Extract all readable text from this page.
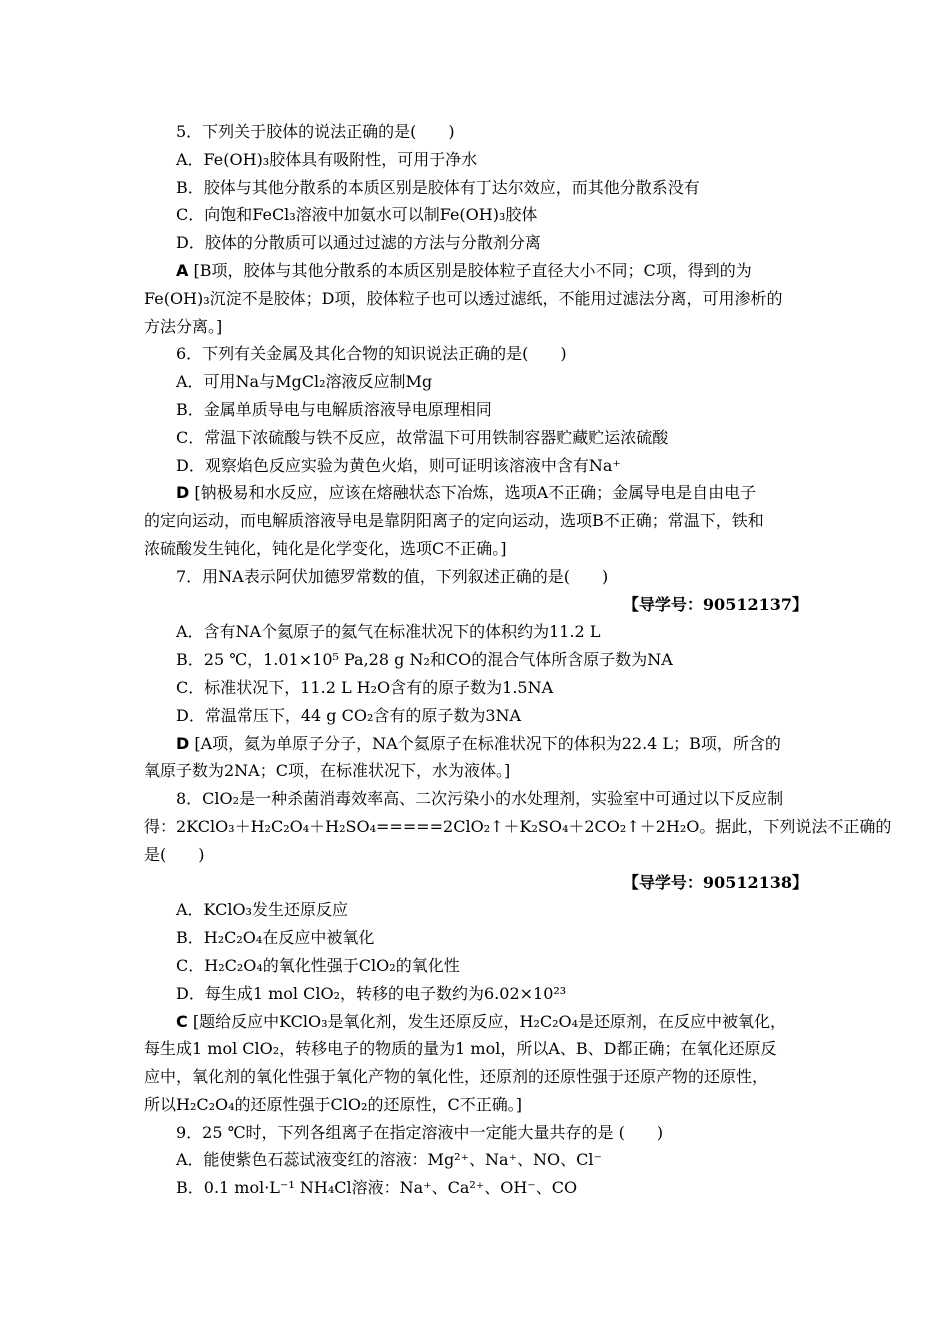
5．下列关于胶体的说法正确的是(　　)
A．Fe(OH)₃胶体具有吸附性，可用于净水
B．胶体与其他分散系的本质区别是胶体有丁达尔效应，而其他分散系没有
C．向饱和FeCl₃溶液中加氨水可以制Fe(OH)₃胶体
D．胶体的分散质可以通过过滤的方法与分散剂分离
A [B项，胶体与其他分散系的本质区别是胶体粒子直径大小不同；C项，得到的为
Fe(OH)₃沉淀不是胶体；D项，胶体粒子也可以透过滤纸，不能用过滤法分离，可用渗析的
方法分离。]
6．下列有关金属及其化合物的知识说法正确的是(　　)
A．可用Na与MgCl₂溶液反应制Mg
B．金属单质导电与电解质溶液导电原理相同
C．常温下浓硫酸与铁不反应，故常温下可用铁制容器贮藏贮运浓硫酸
D．观察焰色反应实验为黄色火焰，则可证明该溶液中含有Na⁺
D [钠极易和水反应，应该在熔融状态下冶炼，选项A不正确；金属导电是自由电子
的定向运动，而电解质溶液导电是靠阴阳离子的定向运动，选项B不正确；常温下，铁和
浓硫酸发生钝化，钝化是化学变化，选项C不正确。]
7．用NA表示阿伏加德罗常数的值，下列叙述正确的是(　　)
【导学号：90512137】
A．含有NA个氦原子的氦气在标准状况下的体积约为11.2 L
B．25 ℃，1.01×10⁵ Pa,28 g N₂和CO的混合气体所含原子数为NA
C．标准状况下，11.2 L H₂O含有的原子数为1.5NA
D．常温常压下，44 g CO₂含有的原子数为3NA
D [A项，氦为单原子分子，NA个氦原子在标准状况下的体积为22.4 L；B项，所含的
氧原子数为2NA；C项，在标准状况下，水为液体。]
8．ClO₂是一种杀菌消毒效率高、二次污染小的水处理剂，实验室中可通过以下反应制
得：2KClO₃＋H₂C₂O₄＋H₂SO₄=====2ClO₂↑＋K₂SO₄＋2CO₂↑＋2H₂O。据此，下列说法不正确的
是(　　)
【导学号：90512138】
A．KClO₃发生还原反应
B．H₂C₂O₄在反应中被氧化
C．H₂C₂O₄的氧化性强于ClO₂的氧化性
D．每生成1 mol ClO₂，转移的电子数约为6.02×10²³
C [题给反应中KClO₃是氧化剂，发生还原反应，H₂C₂O₄是还原剂，在反应中被氧化，
每生成1 mol ClO₂，转移电子的物质的量为1 mol，所以A、B、D都正确；在氧化还原反
应中，氧化剂的氧化性强于氧化产物的氧化性，还原剂的还原性强于还原产物的还原性，
所以H₂C₂O₄的还原性强于ClO₂的还原性，C不正确。]
9．25 ℃时，下列各组离子在指定溶液中一定能大量共存的是 (　　)
A．能使紫色石蕊试液变红的溶液：Mg²⁺、Na⁺、NO、Cl⁻
B．0.1 mol·L⁻¹ NH₄Cl溶液：Na⁺、Ca²⁺、OH⁻、CO
